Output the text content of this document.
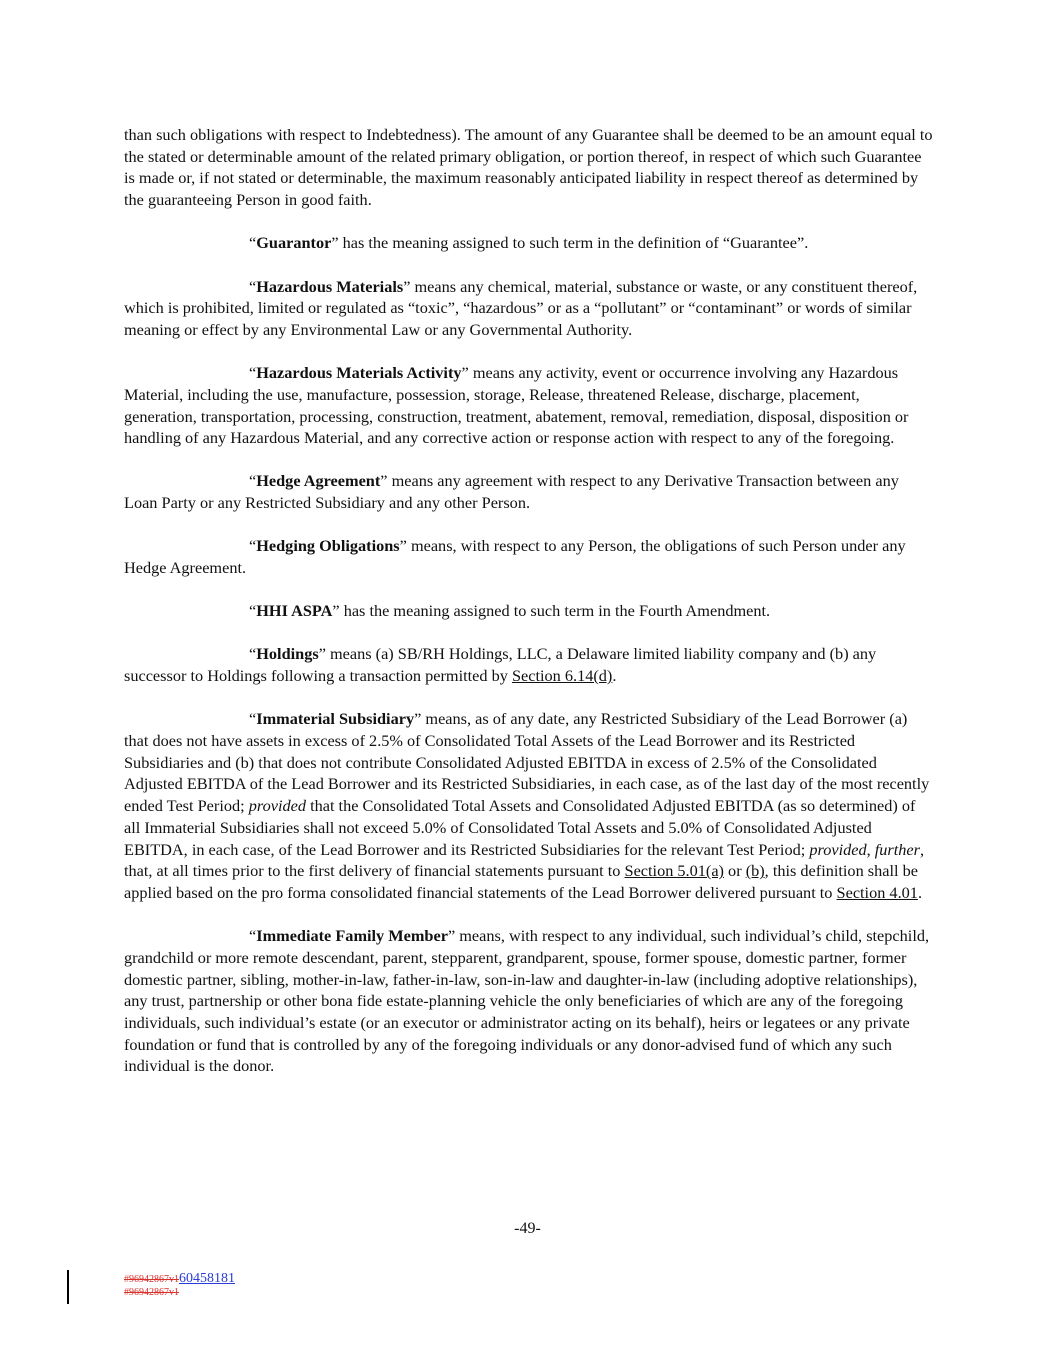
than such obligations with respect to Indebtedness). The amount of any Guarantee shall be deemed to be an amount equal to the stated or determinable amount of the related primary obligation, or portion thereof, in respect of which such Guarantee is made or, if not stated or determinable, the maximum reasonably anticipated liability in respect thereof as determined by the guaranteeing Person in good faith.

“Guarantor” has the meaning assigned to such term in the definition of “Guarantee”.

“Hazardous Materials” means any chemical, material, substance or waste, or any constituent thereof, which is prohibited, limited or regulated as “toxic”, “hazardous” or as a “pollutant” or “contaminant” or words of similar meaning or effect by any Environmental Law or any Governmental Authority.

“Hazardous Materials Activity” means any activity, event or occurrence involving any Hazardous Material, including the use, manufacture, possession, storage, Release, threatened Release, discharge, placement, generation, transportation, processing, construction, treatment, abatement, removal, remediation, disposal, disposition or handling of any Hazardous Material, and any corrective action or response action with respect to any of the foregoing.

“Hedge Agreement” means any agreement with respect to any Derivative Transaction between any Loan Party or any Restricted Subsidiary and any other Person.

“Hedging Obligations” means, with respect to any Person, the obligations of such Person under any Hedge Agreement.

“HHI ASPA” has the meaning assigned to such term in the Fourth Amendment.

“Holdings” means (a) SB/RH Holdings, LLC, a Delaware limited liability company and (b) any successor to Holdings following a transaction permitted by Section 6.14(d).

“Immaterial Subsidiary” means, as of any date, any Restricted Subsidiary of the Lead Borrower (a) that does not have assets in excess of 2.5% of Consolidated Total Assets of the Lead Borrower and its Restricted Subsidiaries and (b) that does not contribute Consolidated Adjusted EBITDA in excess of 2.5% of the Consolidated Adjusted EBITDA of the Lead Borrower and its Restricted Subsidiaries, in each case, as of the last day of the most recently ended Test Period; provided that the Consolidated Total Assets and Consolidated Adjusted EBITDA (as so determined) of all Immaterial Subsidiaries shall not exceed 5.0% of Consolidated Total Assets and 5.0% of Consolidated Adjusted EBITDA, in each case, of the Lead Borrower and its Restricted Subsidiaries for the relevant Test Period; provided, further, that, at all times prior to the first delivery of financial statements pursuant to Section 5.01(a) or (b), this definition shall be applied based on the pro forma consolidated financial statements of the Lead Borrower delivered pursuant to Section 4.01.

“Immediate Family Member” means, with respect to any individual, such individual’s child, stepchild, grandchild or more remote descendant, parent, stepparent, grandparent, spouse, former spouse, domestic partner, former domestic partner, sibling, mother-in-law, father-in-law, son-in-law and daughter-in-law (including adoptive relationships), any trust, partnership or other bona fide estate-planning vehicle the only beneficiaries of which are any of the foregoing individuals, such individual’s estate (or an executor or administrator acting on its behalf), heirs or legatees or any private foundation or fund that is controlled by any of the foregoing individuals or any donor-advised fund of which any such individual is the donor.

-49-
#96942867v160458181
#96942867v1
